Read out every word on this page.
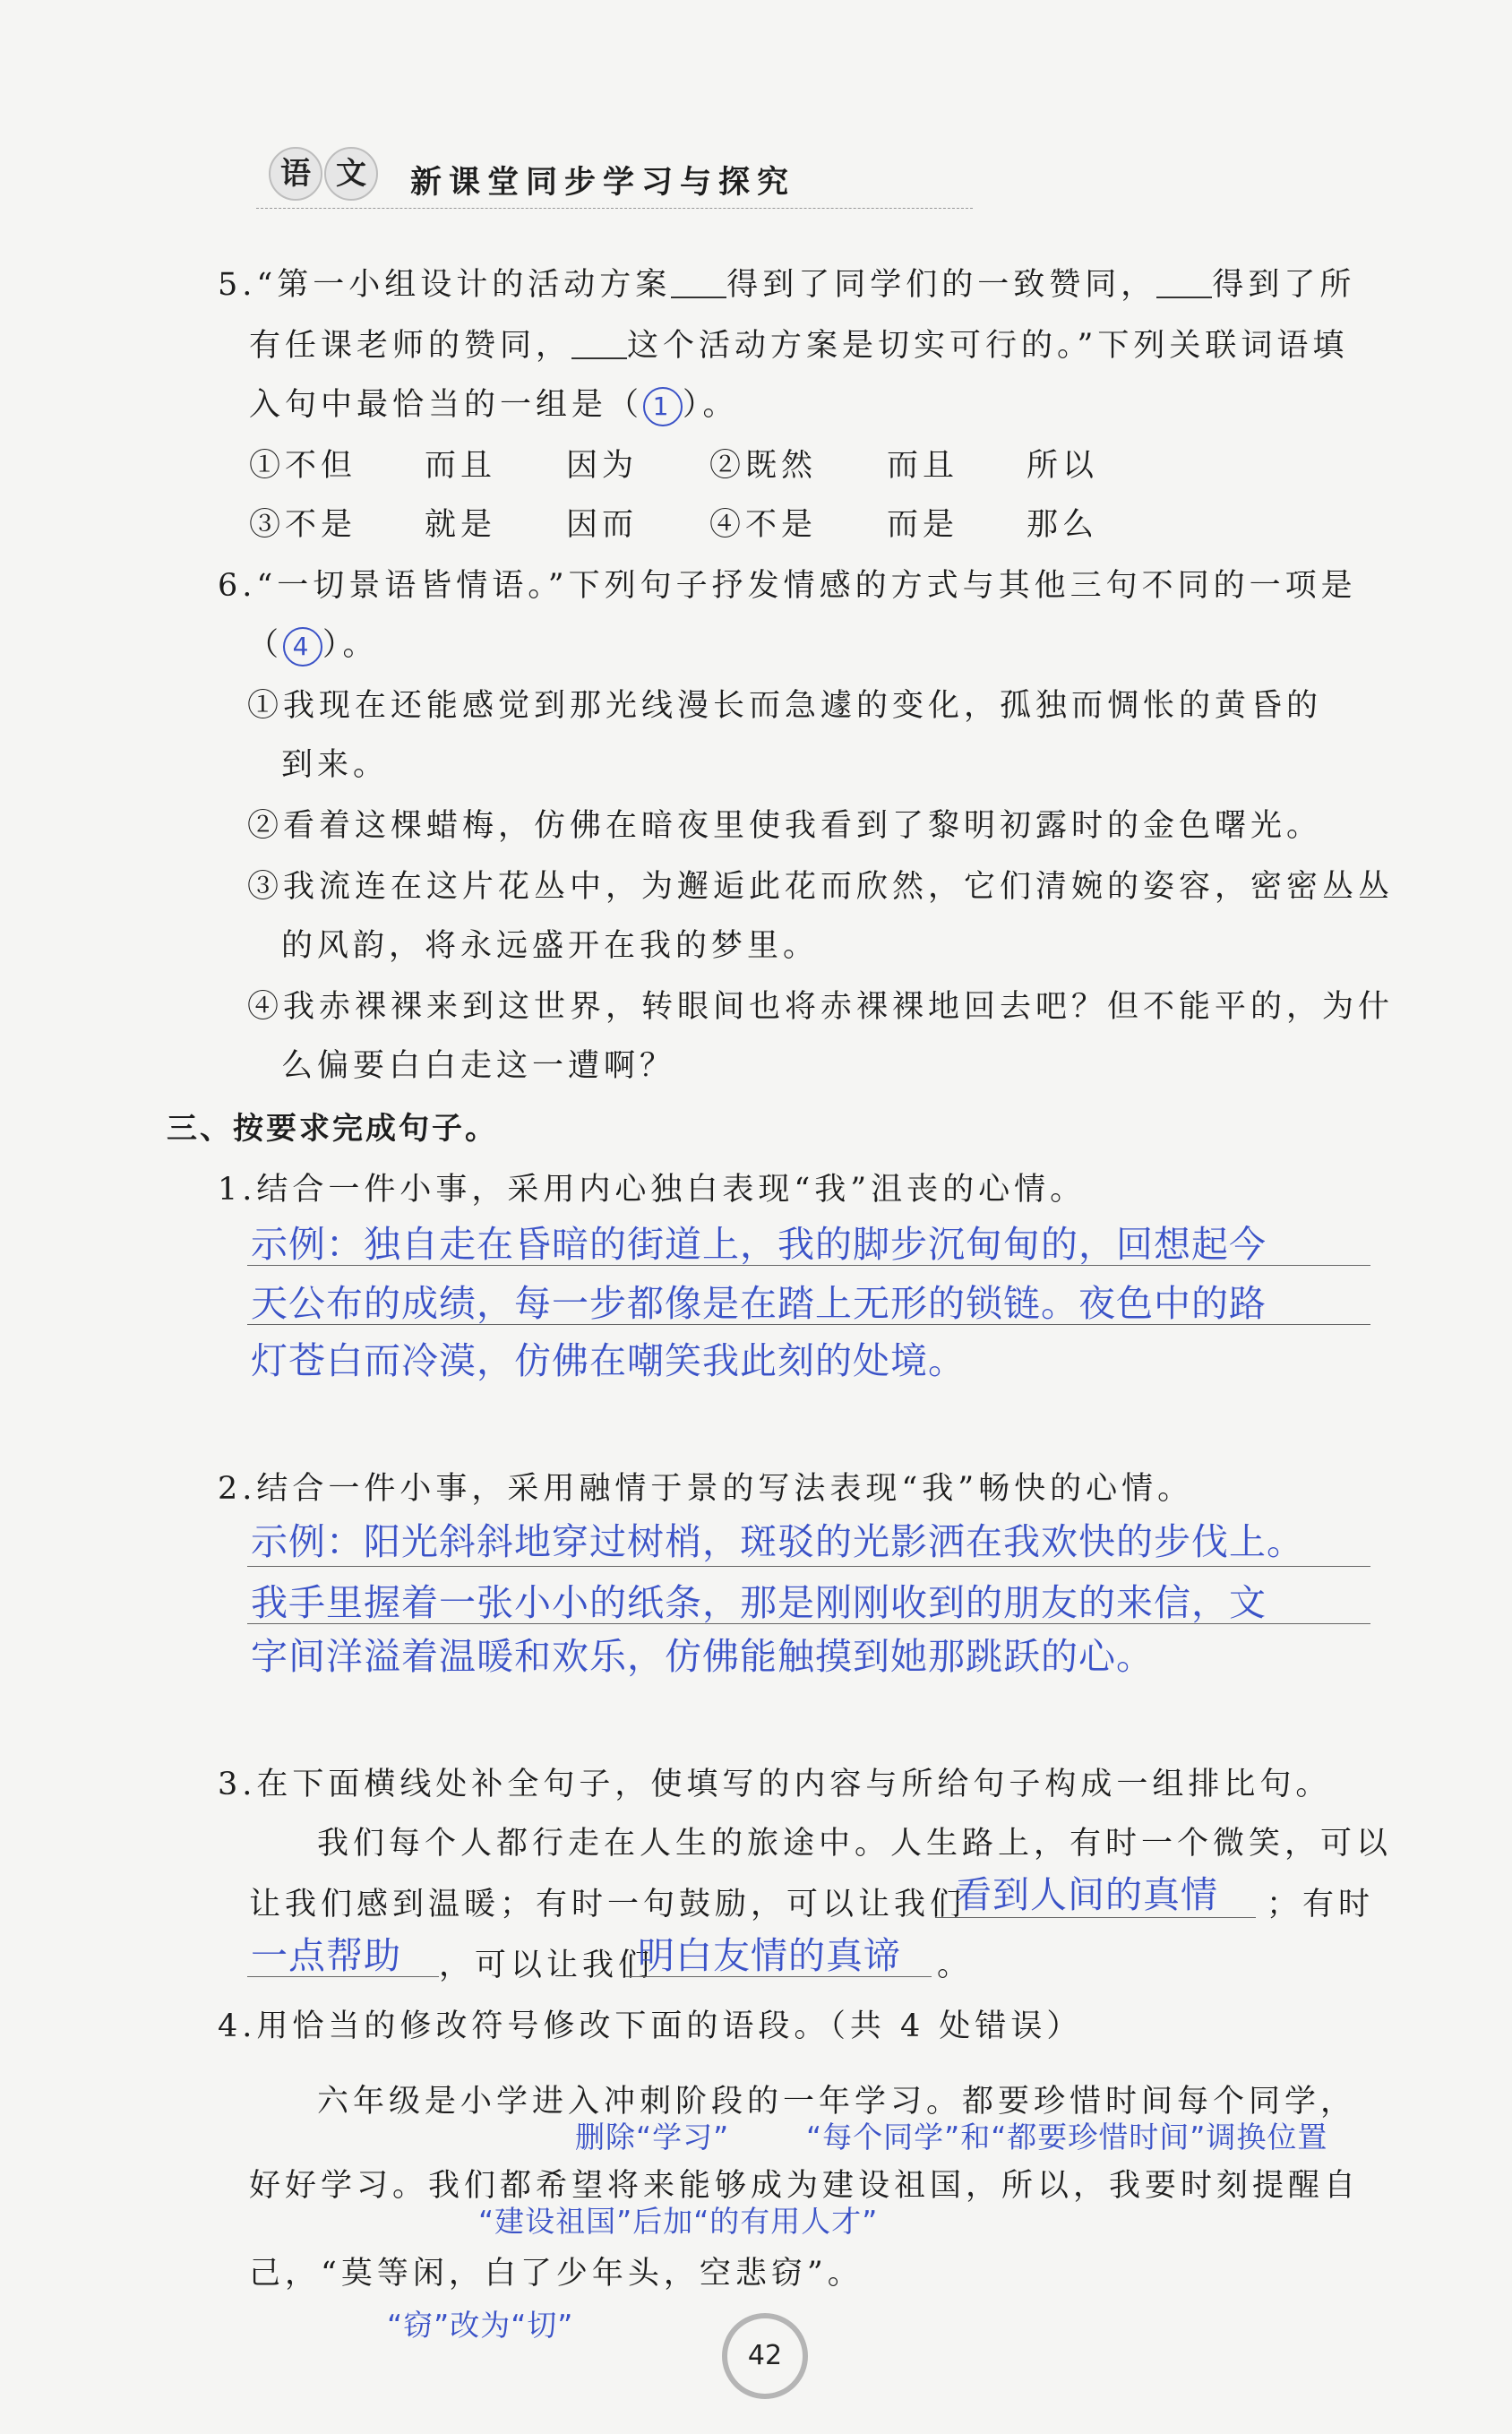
语 文	新课堂同步学习与探究
5.“第一小组设计的活动方案 得到了同学们的一致赞同， 得到了所
有任课老师的赞同， 这个活动方案是切实可行的。”下列关联词语填
入句中最恰当的一组是（ 1 ）。
①不但 而且 因为 ②既然 而且 所以
③不是 就是 因而 ④不是 而是 那么
6.“一切景语皆情语。”下列句子抒发情感的方式与其他三句不同的一项是
（ 4 ）。
①我现在还能感觉到那光线漫长而急遽的变化，孤独而惆怅的黄昏的
到来。
②看着这棵蜡梅，仿佛在暗夜里使我看到了黎明初露时的金色曙光。
③我流连在这片花丛中，为邂逅此花而欣然，它们清婉的姿容，密密丛丛
的风韵，将永远盛开在我的梦里。
④我赤裸裸来到这世界，转眼间也将赤裸裸地回去吧？但不能平的，为什
么偏要白白走这一遭啊？
三、按要求完成句子。
1.结合一件小事，采用内心独白表现“我”沮丧的心情。
示例：独自走在昏暗的街道上，我的脚步沉甸甸的，回想起今
天公布的成绩，每一步都像是在踏上无形的锁链。夜色中的路
灯苍白而冷漠，仿佛在嘲笑我此刻的处境。
2.结合一件小事，采用融情于景的写法表现“我”畅快的心情。
示例：阳光斜斜地穿过树梢，斑驳的光影洒在我欢快的步伐上。
我手里握着一张小小的纸条，那是刚刚收到的朋友的来信，文
字间洋溢着温暖和欢乐，仿佛能触摸到她那跳跃的心。
3.在下面横线处补全句子，使填写的内容与所给句子构成一组排比句。
我们每个人都行走在人生的旅途中。人生路上，有时一个微笑，可以
让我们感到温暖；有时一句鼓励，可以让我们
看到人间的真情 ；有时
一点帮助 ，可以让我们
明白友情的真谛 。
4.用恰当的修改符号修改下面的语段。（共 4 处错误）
六年级是小学进入冲刺阶段的一年学习。都要珍惜时间每个同学，
删除“学习”	“每个同学”和“都要珍惜时间”调换位置
好好学习。我们都希望将来能够成为建设祖国，所以，我要时刻提醒自
“建设祖国”后加“的有用人才”
己，“莫等闲，白了少年头，空悲窃”。
“窃”改为“切”
42
